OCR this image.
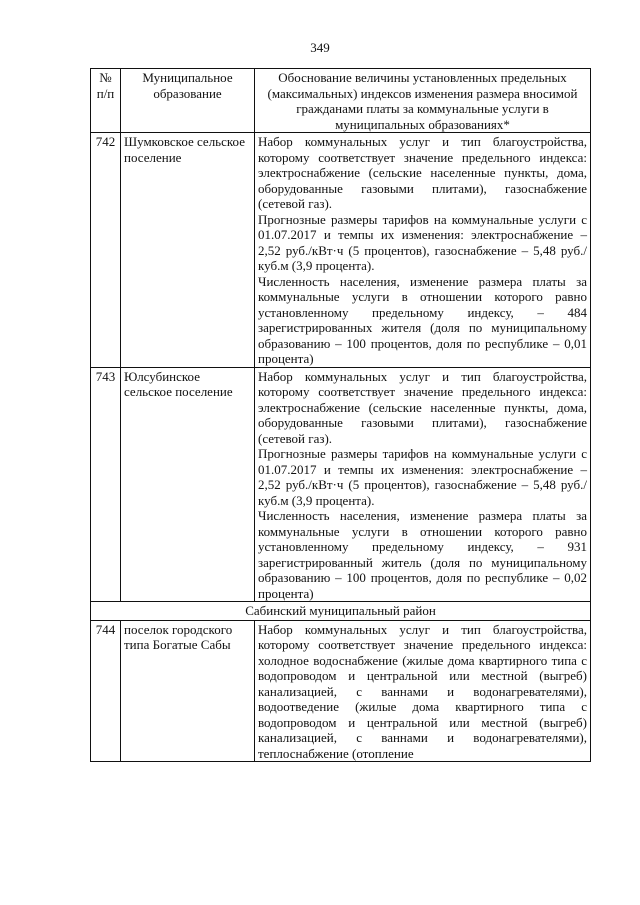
349
№ п/п	Муниципальное образование	Обоснование величины установленных предельных (максимальных) индексов изменения размера вносимой гражданами платы за коммунальные услуги в муниципальных образованиях*
742	Шумковское сельское поселение	Набор коммунальных услуг и тип благоустройства, которому соответствует значение предельного индекса: электроснабжение (сельские населенные пункты, дома, оборудованные газовыми плитами), газоснабжение (сетевой газ).

Прогнозные размеры тарифов на коммунальные услуги с 01.07.2017 и темпы их изменения: электроснабжение – 2,52 руб./кВт·ч (5 процентов), газоснабжение – 5,48 руб./куб.м (3,9 процента).

Численность населения, изменение размера платы за коммунальные услуги в отношении которого равно установленному предельному индексу, – 484 зарегистрированных жителя (доля по муниципальному образованию – 100 процентов, доля по республике – 0,01 процента)

743	Юлсубинское сельское поселение	Набор коммунальных услуг и тип благоустройства, которому соответствует значение предельного индекса: электроснабжение (сельские населенные пункты, дома, оборудованные газовыми плитами), газоснабжение (сетевой газ).

Прогнозные размеры тарифов на коммунальные услуги с 01.07.2017 и темпы их изменения: электроснабжение – 2,52 руб./кВт·ч (5 процентов), газоснабжение – 5,48 руб./куб.м (3,9 процента).

Численность населения, изменение размера платы за коммунальные услуги в отношении которого равно установленному предельному индексу, – 931 зарегистрированный житель (доля по муниципальному образованию – 100 процентов, доля по республике – 0,02 процента)

Сабинский муниципальный район		
744	поселок городского типа Богатые Сабы	Набор коммунальных услуг и тип благоустройства, которому соответствует значение предельного индекса: холодное водоснабжение (жилые дома квартирного типа с водопроводом и центральной или местной (выгреб) канализацией, с ваннами и водонагревателями), водоотведение (жилые дома квартирного типа с водопроводом и центральной или местной (выгреб) канализацией, с ваннами и водонагревателями), теплоснабжение (отопление
